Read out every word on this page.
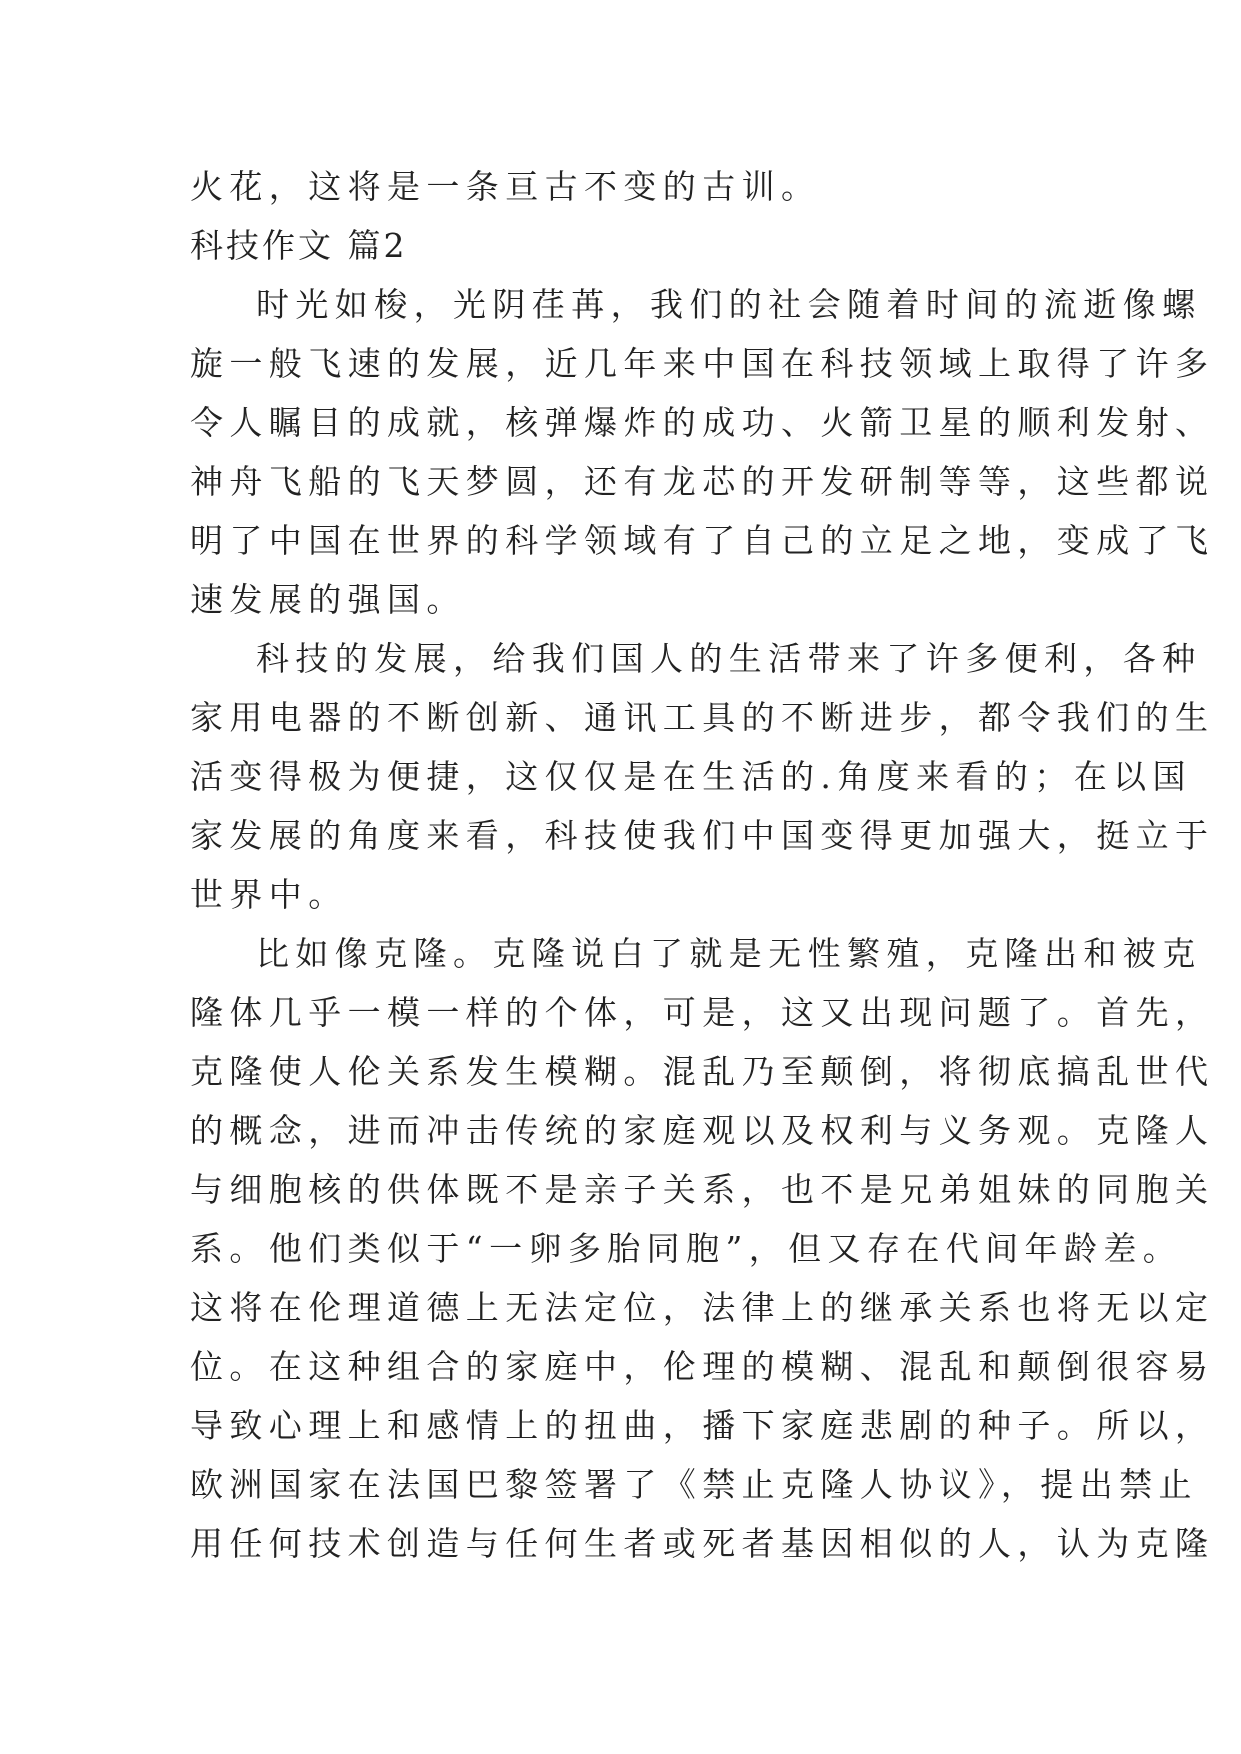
火花，这将是一条亘古不变的古训。
科技作文 篇2
时光如梭，光阴荏苒，我们的社会随着时间的流逝像螺
旋一般飞速的发展，近几年来中国在科技领域上取得了许多
令人瞩目的成就，核弹爆炸的成功、火箭卫星的顺利发射、
神舟飞船的飞天梦圆，还有龙芯的开发研制等等，这些都说
明了中国在世界的科学领域有了自己的立足之地，变成了飞
速发展的强国。
科技的发展，给我们国人的生活带来了许多便利，各种
家用电器的不断创新、通讯工具的不断进步，都令我们的生
活变得极为便捷，这仅仅是在生活的.角度来看的；在以国
家发展的角度来看，科技使我们中国变得更加强大，挺立于
世界中。
比如像克隆。克隆说白了就是无性繁殖，克隆出和被克
隆体几乎一模一样的个体，可是，这又出现问题了。首先，
克隆使人伦关系发生模糊。混乱乃至颠倒，将彻底搞乱世代
的概念，进而冲击传统的家庭观以及权利与义务观。克隆人
与细胞核的供体既不是亲子关系，也不是兄弟姐妹的同胞关
系。他们类似于“一卵多胎同胞”，但又存在代间年龄差。
这将在伦理道德上无法定位，法律上的继承关系也将无以定
位。在这种组合的家庭中，伦理的模糊、混乱和颠倒很容易
导致心理上和感情上的扭曲，播下家庭悲剧的种子。所以，
欧洲国家在法国巴黎签署了《禁止克隆人协议》，提出禁止
用任何技术创造与任何生者或死者基因相似的人，认为克隆
